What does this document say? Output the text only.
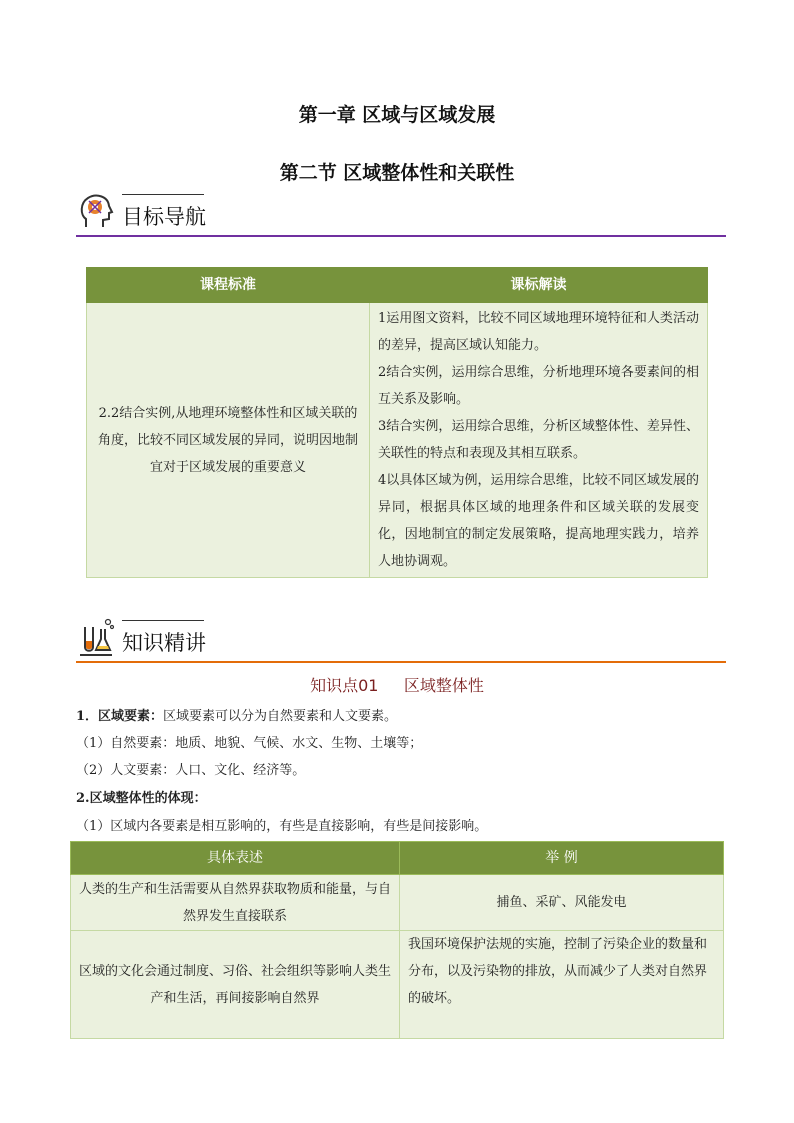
第一章 区域与区域发展
第二节 区域整体性和关联性
目标导航
课程标准	课标解读
2.2结合实例,从地理环境整体性和区域关联的角度，比较不同区域发展的异同，说明因地制宜对于区域发展的重要意义	1运用图文资料，比较不同区域地理环境特征和人类活动的差异，提高区域认知能力。

2结合实例，运用综合思维，分析地理环境各要素间的相互关系及影响。

3结合实例，运用综合思维，分析区域整体性、差异性、关联性的特点和表现及其相互联系。

4以具体区域为例，运用综合思维，比较不同区域发展的异同，根据具体区域的地理条件和区域关联的发展变化，因地制宜的制定发展策略，提高地理实践力，培养人地协调观。

知识精讲
知识点01 区域整体性
1．区域要素：区域要素可以分为自然要素和人文要素。
（1）自然要素：地质、地貌、气候、水文、生物、土壤等；
（2）人文要素：人口、文化、经济等。
2.区域整体性的体现：
（1）区域内各要素是相互影响的，有些是直接影响，有些是间接影响。
具体表述	举 例
人类的生产和生活需要从自然界获取物质和能量，与自然界发生直接联系	捕鱼、采矿、风能发电
区域的文化会通过制度、习俗、社会组织等影响人类生产和生活，再间接影响自然界	我国环境保护法规的实施，控制了污染企业的数量和分布，以及污染物的排放，从而减少了人类对自然界的破坏。
